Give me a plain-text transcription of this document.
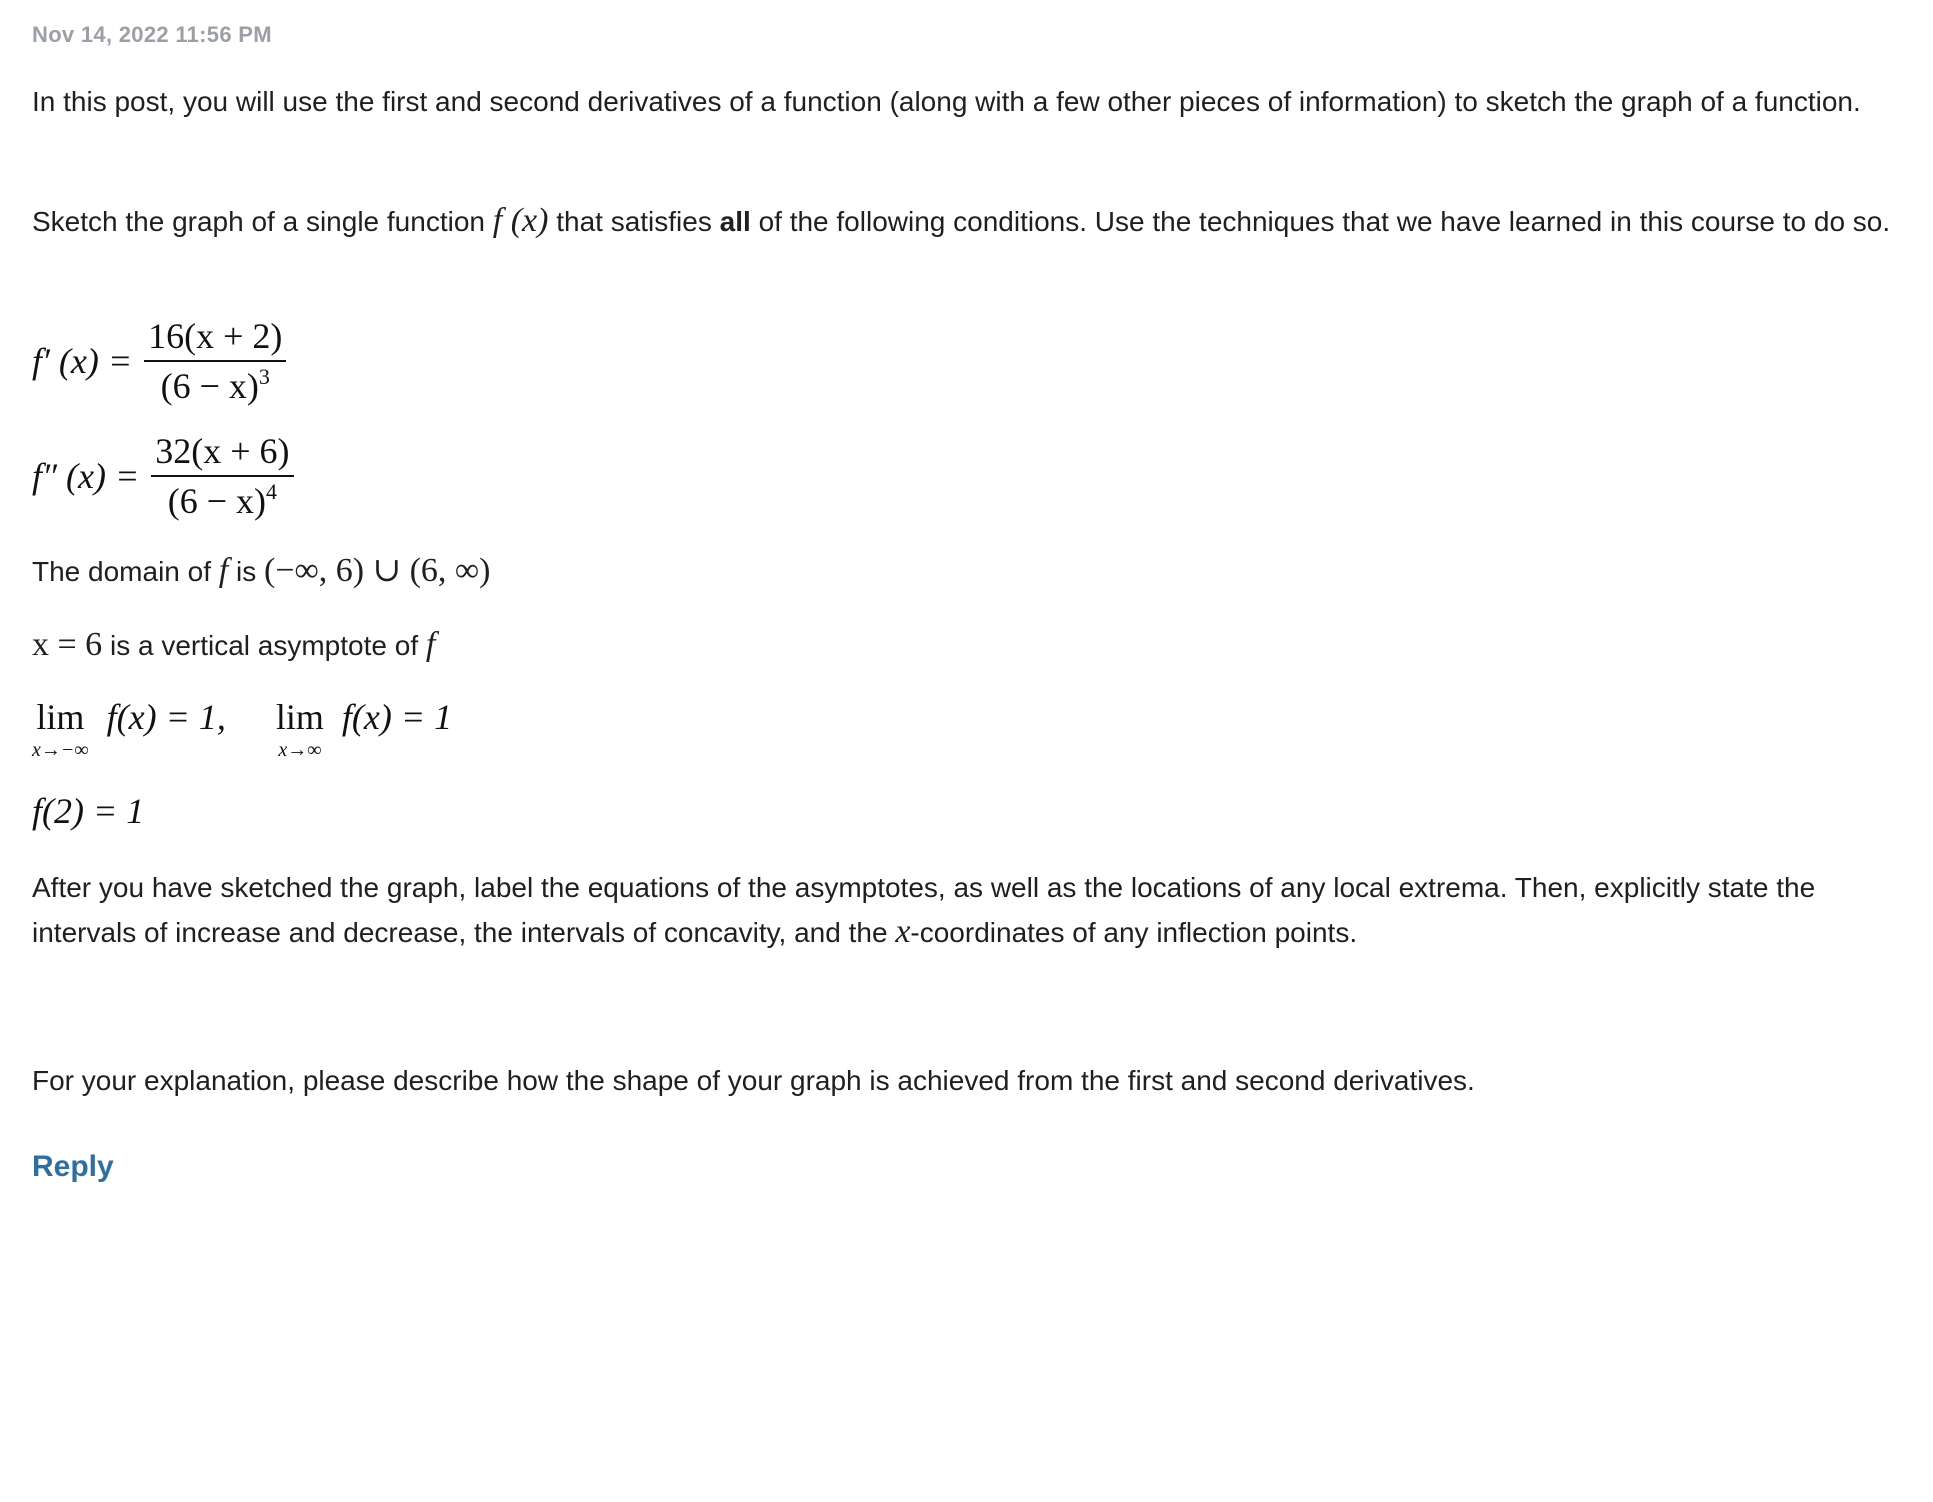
Nov 14, 2022 11:56 PM

In this post, you will use the first and second derivatives of a function (along with a few other pieces of information) to sketch the graph of a function.

Sketch the graph of a single function f (x) that satisfies all of the following conditions. Use the techniques that we have learned in this course to do so.

f′ $(x) = \frac{16(x + 2)}{(6 - x)^3}$
f″ $(x) = \frac{32(x + 6)}{(6 - x)^4}$

The domain of f is (−∞, 6) ∪ (6, ∞)

x = 6 is a vertical asymptote of f

lim
x→−∞
f(x) = 1, lim
x→∞
f(x) = 1
f(2) = 1

After you have sketched the graph, label the equations of the asymptotes, as well as the locations of any local extrema. Then, explicitly state the intervals of increase and decrease, the intervals of concavity, and the x-coordinates of any inflection points.

For your explanation, please describe how the shape of your graph is achieved from the first and second derivatives.

Reply
